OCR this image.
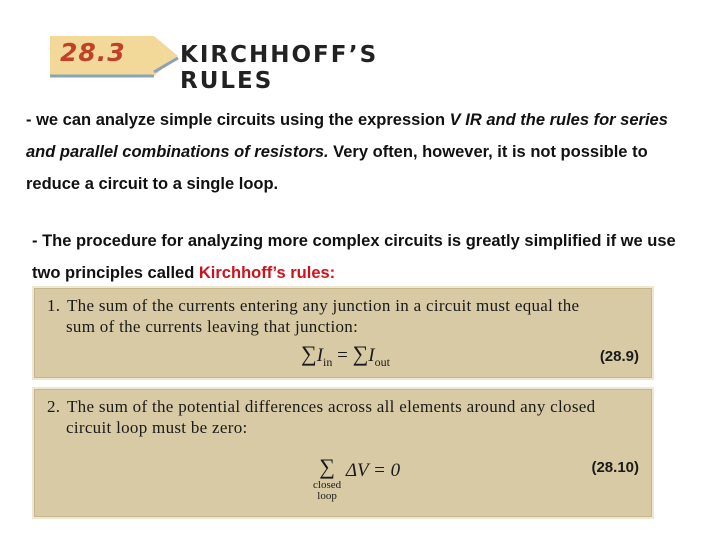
28.3 KIRCHHOFF’S RULES
- we can analyze simple circuits using the expression V IR and the rules for series and parallel combinations of resistors. Very often, however, it is not possible to reduce a circuit to a single loop.
- The procedure for analyzing more complex circuits is greatly simplified if we use two principles called Kirchhoff’s rules:
1. The sum of the currents entering any junction in a circuit must equal the
sum of the currents leaving that junction:
$\sum I_{in} = \sum I_{out}$	(28.9)
2. The sum of the potential differences across all elements around any closed
circuit loop must be zero:
∑
closed
loop
ΔV = 0	(28.10)
